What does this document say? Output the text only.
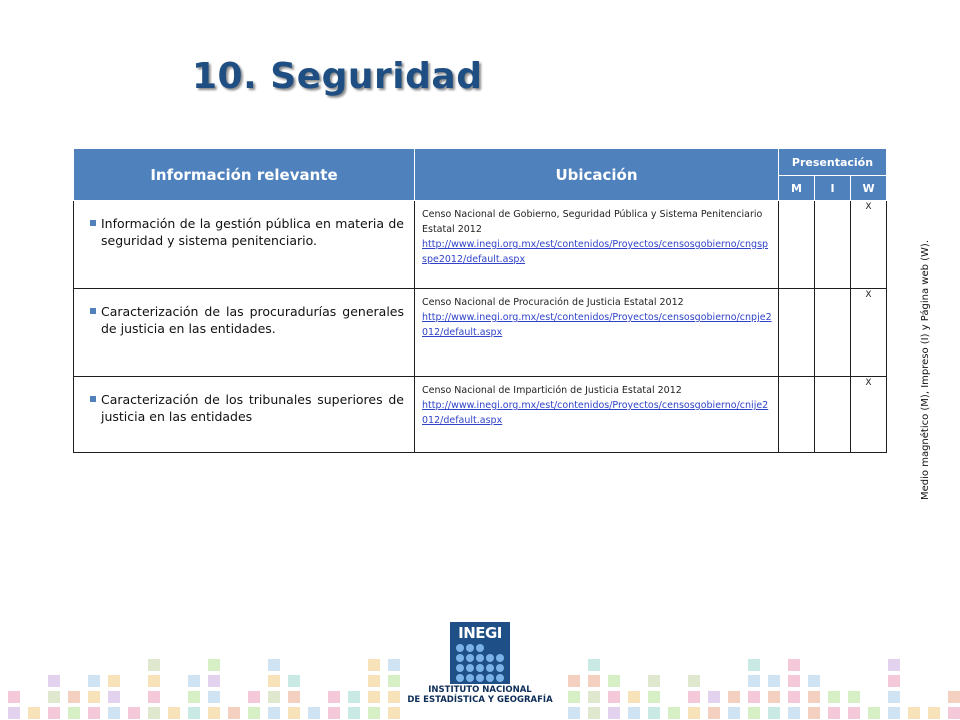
10. Seguridad
Información relevante	Ubicación	Presentación		
		M	I	W

Información de la gestión pública en materia de seguridad y sistema penitenciario.	Censo Nacional de Gobierno, Seguridad Pública y Sistema Penitenciario Estatal 2012
http://www.inegi.org.mx/est/contenidos/Proyectos/censosgobierno/cngspspe2012/default.aspx			X

Caracterización de las procuradurías generales de justicia en las entidades.	Censo Nacional de Procuración de Justicia Estatal 2012
http://www.inegi.org.mx/est/contenidos/Proyectos/censosgobierno/cnpje2012/default.aspx			X

Caracterización de los tribunales superiores de justicia en las entidades	Censo Nacional de Impartición de Justicia Estatal 2012
http://www.inegi.org.mx/est/contenidos/Proyectos/censosgobierno/cnije2012/default.aspx			X	Medio magnético (M), Impreso (I) y Página web (W).
INEGI
INSTITUTO NACIONAL
DE ESTADÍSTICA Y GEOGRAFÍA
